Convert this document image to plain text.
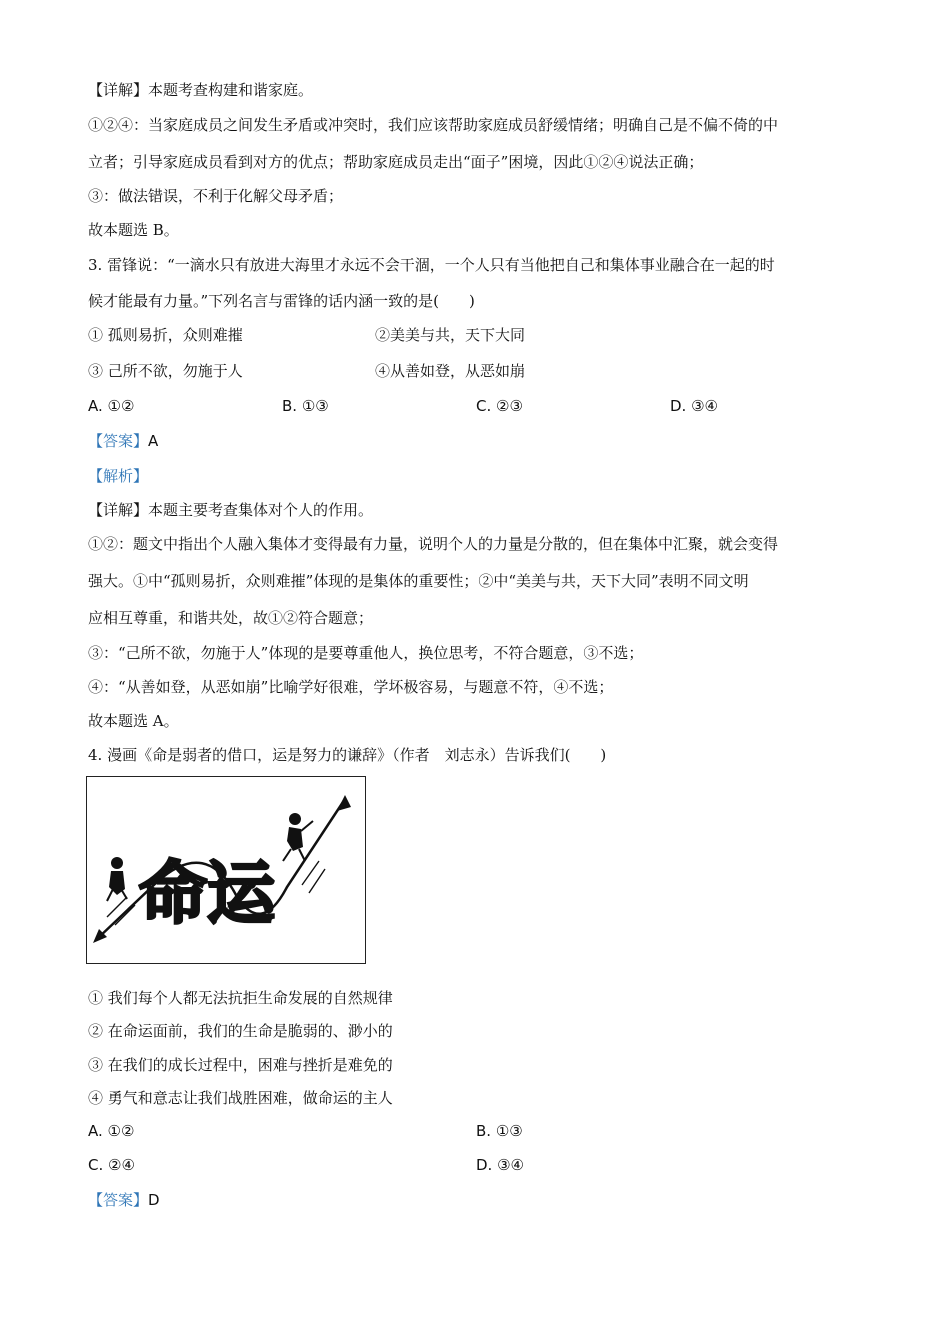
【详解】本题考查构建和谐家庭。
①②④：当家庭成员之间发生矛盾或冲突时，我们应该帮助家庭成员舒缓情绪；明确自己是不偏不倚的中
立者；引导家庭成员看到对方的优点；帮助家庭成员走出“面子”困境，因此①②④说法正确；
③：做法错误，不利于化解父母矛盾；
故本题选 B。
3. 雷锋说：“一滴水只有放进大海里才永远不会干涸，一个人只有当他把自己和集体事业融合在一起的时
候才能最有力量。”下列名言与雷锋的话内涵一致的是(　　)
① 孤则易折，众则难摧	②美美与共，天下大同
③ 己所不欲，勿施于人	④从善如登，从恶如崩
A. ①②	B. ①③	C. ②③	D. ③④
【答案】A
【解析】
【详解】本题主要考查集体对个人的作用。
①②：题文中指出个人融入集体才变得最有力量，说明个人的力量是分散的，但在集体中汇聚，就会变得
强大。①中“孤则易折，众则难摧”体现的是集体的重要性；②中“美美与共，天下大同”表明不同文明
应相互尊重，和谐共处，故①②符合题意；
③：“己所不欲，勿施于人”体现的是要尊重他人，换位思考，不符合题意，③不选；
④：“从善如登，从恶如崩”比喻学好很难，学坏极容易，与题意不符，④不选；
故本题选 A。
4. 漫画《命是弱者的借口，运是努力的谦辞》（作者　刘志永）告诉我们(　　)
命运
① 我们每个人都无法抗拒生命发展的自然规律
② 在命运面前，我们的生命是脆弱的、渺小的
③ 在我们的成长过程中，困难与挫折是难免的
④ 勇气和意志让我们战胜困难，做命运的主人
A. ①②	B. ①③
C. ②④	D. ③④
【答案】D
